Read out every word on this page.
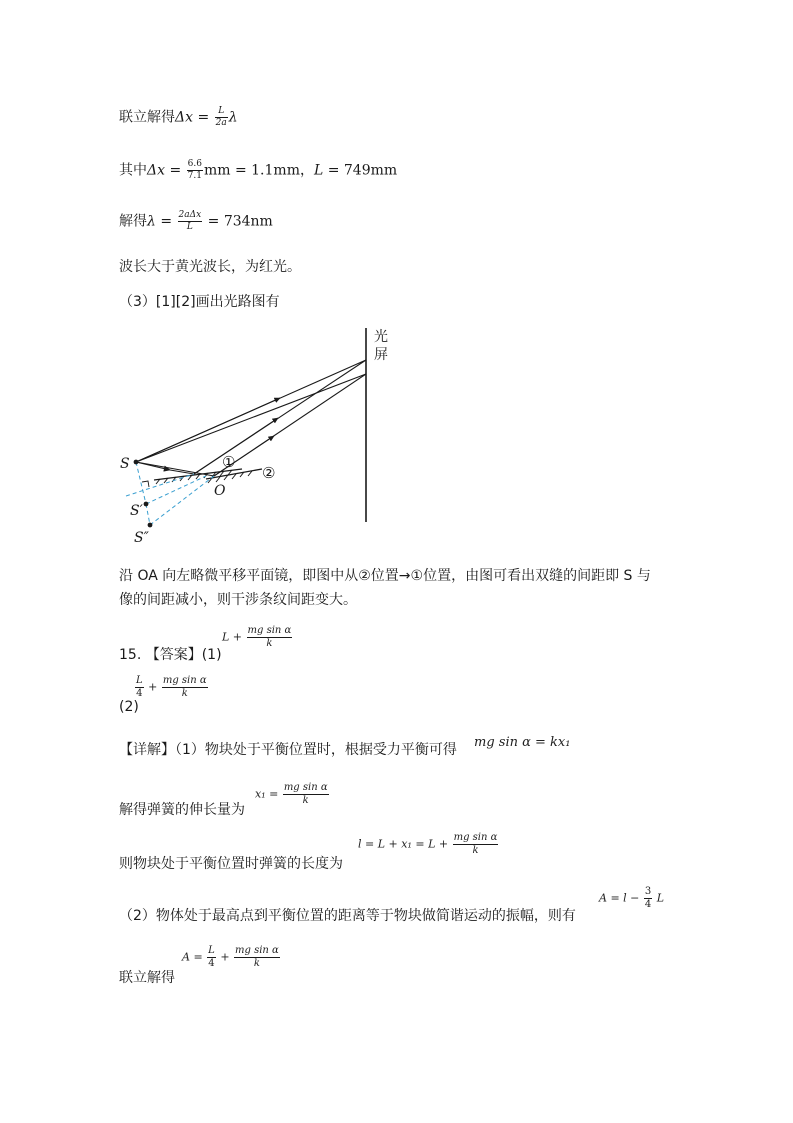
联立解得$\Delta x = \frac{L}{2a}$ λ
其中$\Delta x = \frac{6.6}{7.1}$ mm = 1.1mm，L = 749mm
解得$\lambda = \frac{\text{2aΔx}}{L} = 734nm$
波长大于黄光波长，为红光。
（3）[1][2]画出光路图有
光
屏
S
S′
S″
O
①
②
沿 OA 向左略微平移平面镜，即图中从②位置→①位置，由图可看出双缝的间距即 S 与
像的间距减小，则干涉条纹间距变大。
15. 【答案】(1)
$L + \frac{\text{mg sin α}}{k}$
(2)
$\frac{L}{4} + \frac{\text{mg sin α}}{k}$
【详解】（1）物块处于平衡位置时，根据受力平衡可得 mg sin α = kx₁
解得弹簧的伸长量为
$x_1 = \frac{\text{mg sin α}}{k}$
则物块处于平衡位置时弹簧的长度为
$l = L + x_1 = L + \frac{\text{mg sin α}}{k}$
（2）物体处于最高点到平衡位置的距离等于物块做简谐运动的振幅，则有
$A = l - \frac{3}{4}$ L
联立解得
$A = \frac{L}{4} + \frac{\text{mg sin α}}{k}$
